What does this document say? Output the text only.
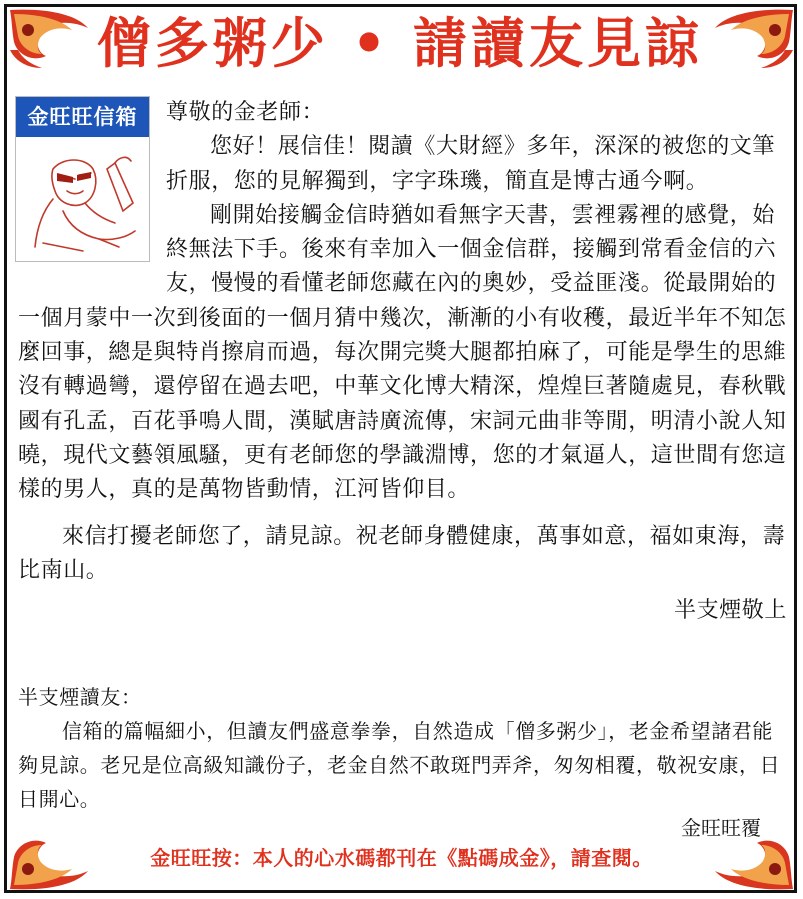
僧多粥少 • 請讀友見諒
金旺旺信箱	尊敬的金老師：

您好！展信佳！閱讀《大財經》多年，深深的被您的文筆折服，您的見解獨到，字字珠璣，簡直是博古通今啊。

剛開始接觸金信時猶如看無字天書，雲裡霧裡的感覺，始終無法下手。後來有幸加入一個金信群，接觸到常看金信的六友，慢慢的看懂老師您藏在內的奧妙，受益匪淺。從最開始的一個月蒙中一次到後面的一個月猜中幾次，漸漸的小有收穫，最近半年不知怎麼回事，總是與特肖擦肩而過，每次開完獎大腿都拍麻了，可能是學生的思維沒有轉過彎，還停留在過去吧，中華文化博大精深，煌煌巨著隨處見，春秋戰國有孔孟，百花爭鳴人間，漢賦唐詩廣流傳，宋詞元曲非等閒，明清小說人知曉，現代文藝領風騷，更有老師您的學識淵博，您的才氣逼人，這世間有您這樣的男人，真的是萬物皆動情，江河皆仰目。

來信打擾老師您了，請見諒。祝老師身體健康，萬事如意，福如東海，壽比南山。

半支煙敬上
半支煙讀友：

信箱的篇幅細小，但讀友們盛意拳拳，自然造成「僧多粥少」，老金希望諸君能夠見諒。老兄是位高級知識份子，老金自然不敢斑門弄斧，匆匆相覆，敬祝安康，日日開心。

金旺旺覆
金旺旺按：本人的心水碼都刊在《點碼成金》，請查閱。
